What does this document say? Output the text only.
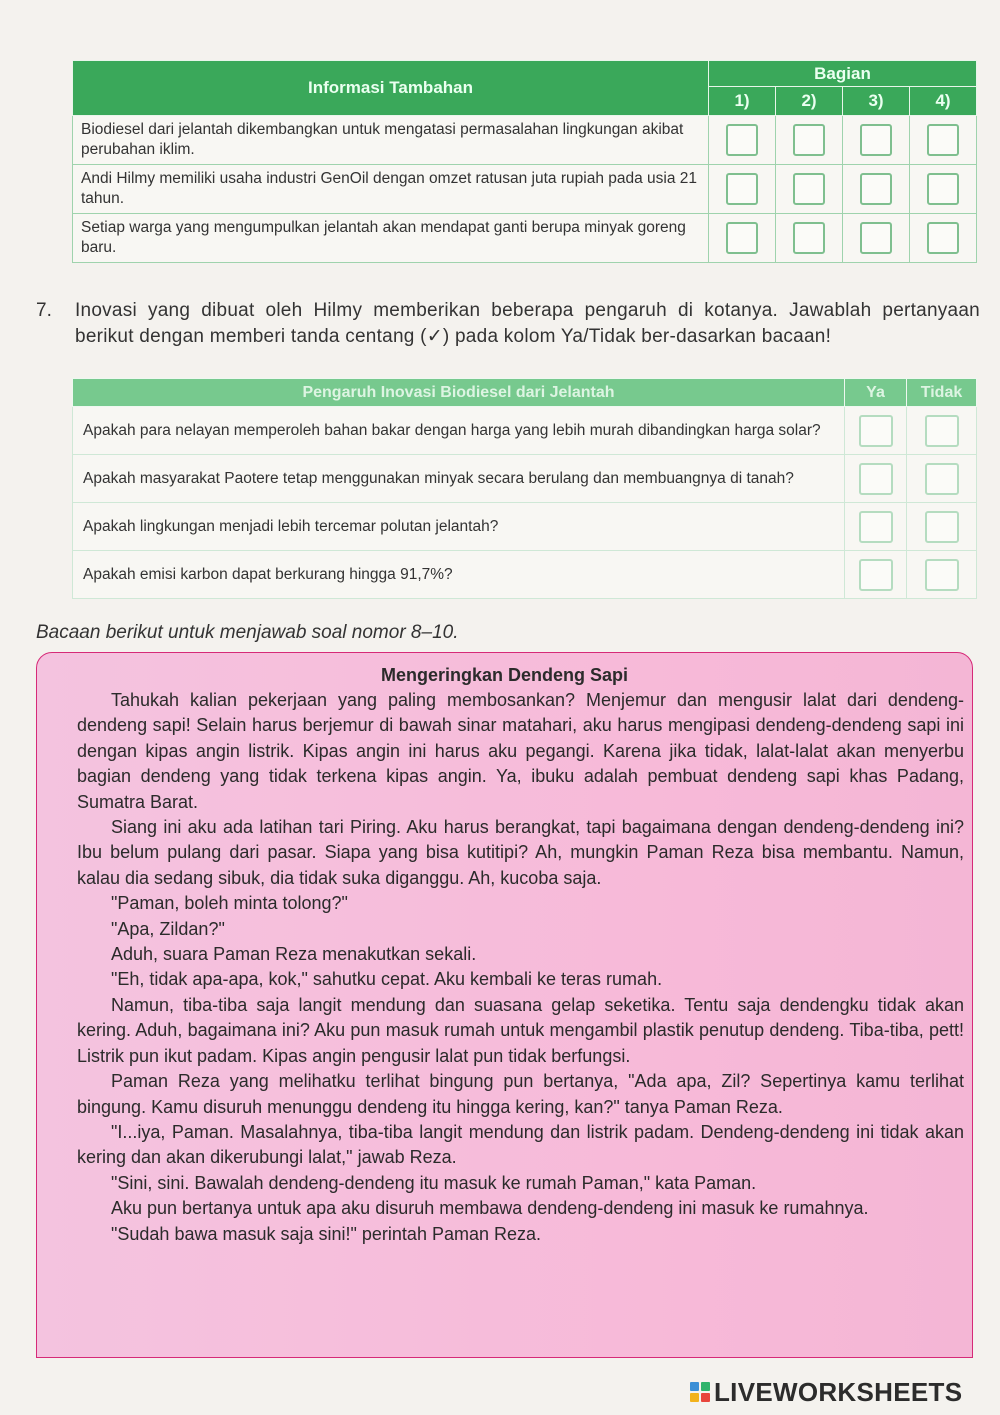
Informasi Tambahan	Bagian			
	1)	2)	3)	4)
Biodiesel dari jelantah dikembangkan untuk mengatasi permasalahan lingkungan akibat perubahan iklim.				
Andi Hilmy memiliki usaha industri GenOil dengan omzet ratusan juta rupiah pada usia 21 tahun.				
Setiap warga yang mengumpulkan jelantah akan mendapat ganti berupa minyak goreng baru.				
7. Inovasi yang dibuat oleh Hilmy memberikan beberapa pengaruh di kotanya. Jawablah pertanyaan berikut dengan memberi tanda centang (✓) pada kolom Ya/Tidak ber-dasarkan bacaan!
Pengaruh Inovasi Biodiesel dari Jelantah	Ya	Tidak
Apakah para nelayan memperoleh bahan bakar dengan harga yang lebih murah dibandingkan harga solar?		
Apakah masyarakat Paotere tetap menggunakan minyak secara berulang dan membuangnya di tanah?		
Apakah lingkungan menjadi lebih tercemar polutan jelantah?		
Apakah emisi karbon dapat berkurang hingga 91,7%?		
Bacaan berikut untuk menjawab soal nomor 8–10.
Mengeringkan Dendeng Sapi

Tahukah kalian pekerjaan yang paling membosankan? Menjemur dan mengusir lalat dari dendeng-dendeng sapi! Selain harus berjemur di bawah sinar matahari, aku harus mengipasi dendeng-dendeng sapi ini dengan kipas angin listrik. Kipas angin ini harus aku pegangi. Karena jika tidak, lalat-lalat akan menyerbu bagian dendeng yang tidak terkena kipas angin. Ya, ibuku adalah pembuat dendeng sapi khas Padang, Sumatra Barat.

Siang ini aku ada latihan tari Piring. Aku harus berangkat, tapi bagaimana dengan dendeng-dendeng ini? Ibu belum pulang dari pasar. Siapa yang bisa kutitipi? Ah, mungkin Paman Reza bisa membantu. Namun, kalau dia sedang sibuk, dia tidak suka diganggu. Ah, kucoba saja.

"Paman, boleh minta tolong?"

"Apa, Zildan?"

Aduh, suara Paman Reza menakutkan sekali.

"Eh, tidak apa-apa, kok," sahutku cepat. Aku kembali ke teras rumah.

Namun, tiba-tiba saja langit mendung dan suasana gelap seketika. Tentu saja dendengku tidak akan kering. Aduh, bagaimana ini? Aku pun masuk rumah untuk mengambil plastik penutup dendeng. Tiba-tiba, pett! Listrik pun ikut padam. Kipas angin pengusir lalat pun tidak berfungsi.

Paman Reza yang melihatku terlihat bingung pun bertanya, "Ada apa, Zil? Sepertinya kamu terlihat bingung. Kamu disuruh menunggu dendeng itu hingga kering, kan?" tanya Paman Reza.

"I...iya, Paman. Masalahnya, tiba-tiba langit mendung dan listrik padam. Dendeng-dendeng ini tidak akan kering dan akan dikerubungi lalat," jawab Reza.

"Sini, sini. Bawalah dendeng-dendeng itu masuk ke rumah Paman," kata Paman.

Aku pun bertanya untuk apa aku disuruh membawa dendeng-dendeng ini masuk ke rumahnya.

"Sudah bawa masuk saja sini!" perintah Paman Reza.

LIVEWORKSHEETS
